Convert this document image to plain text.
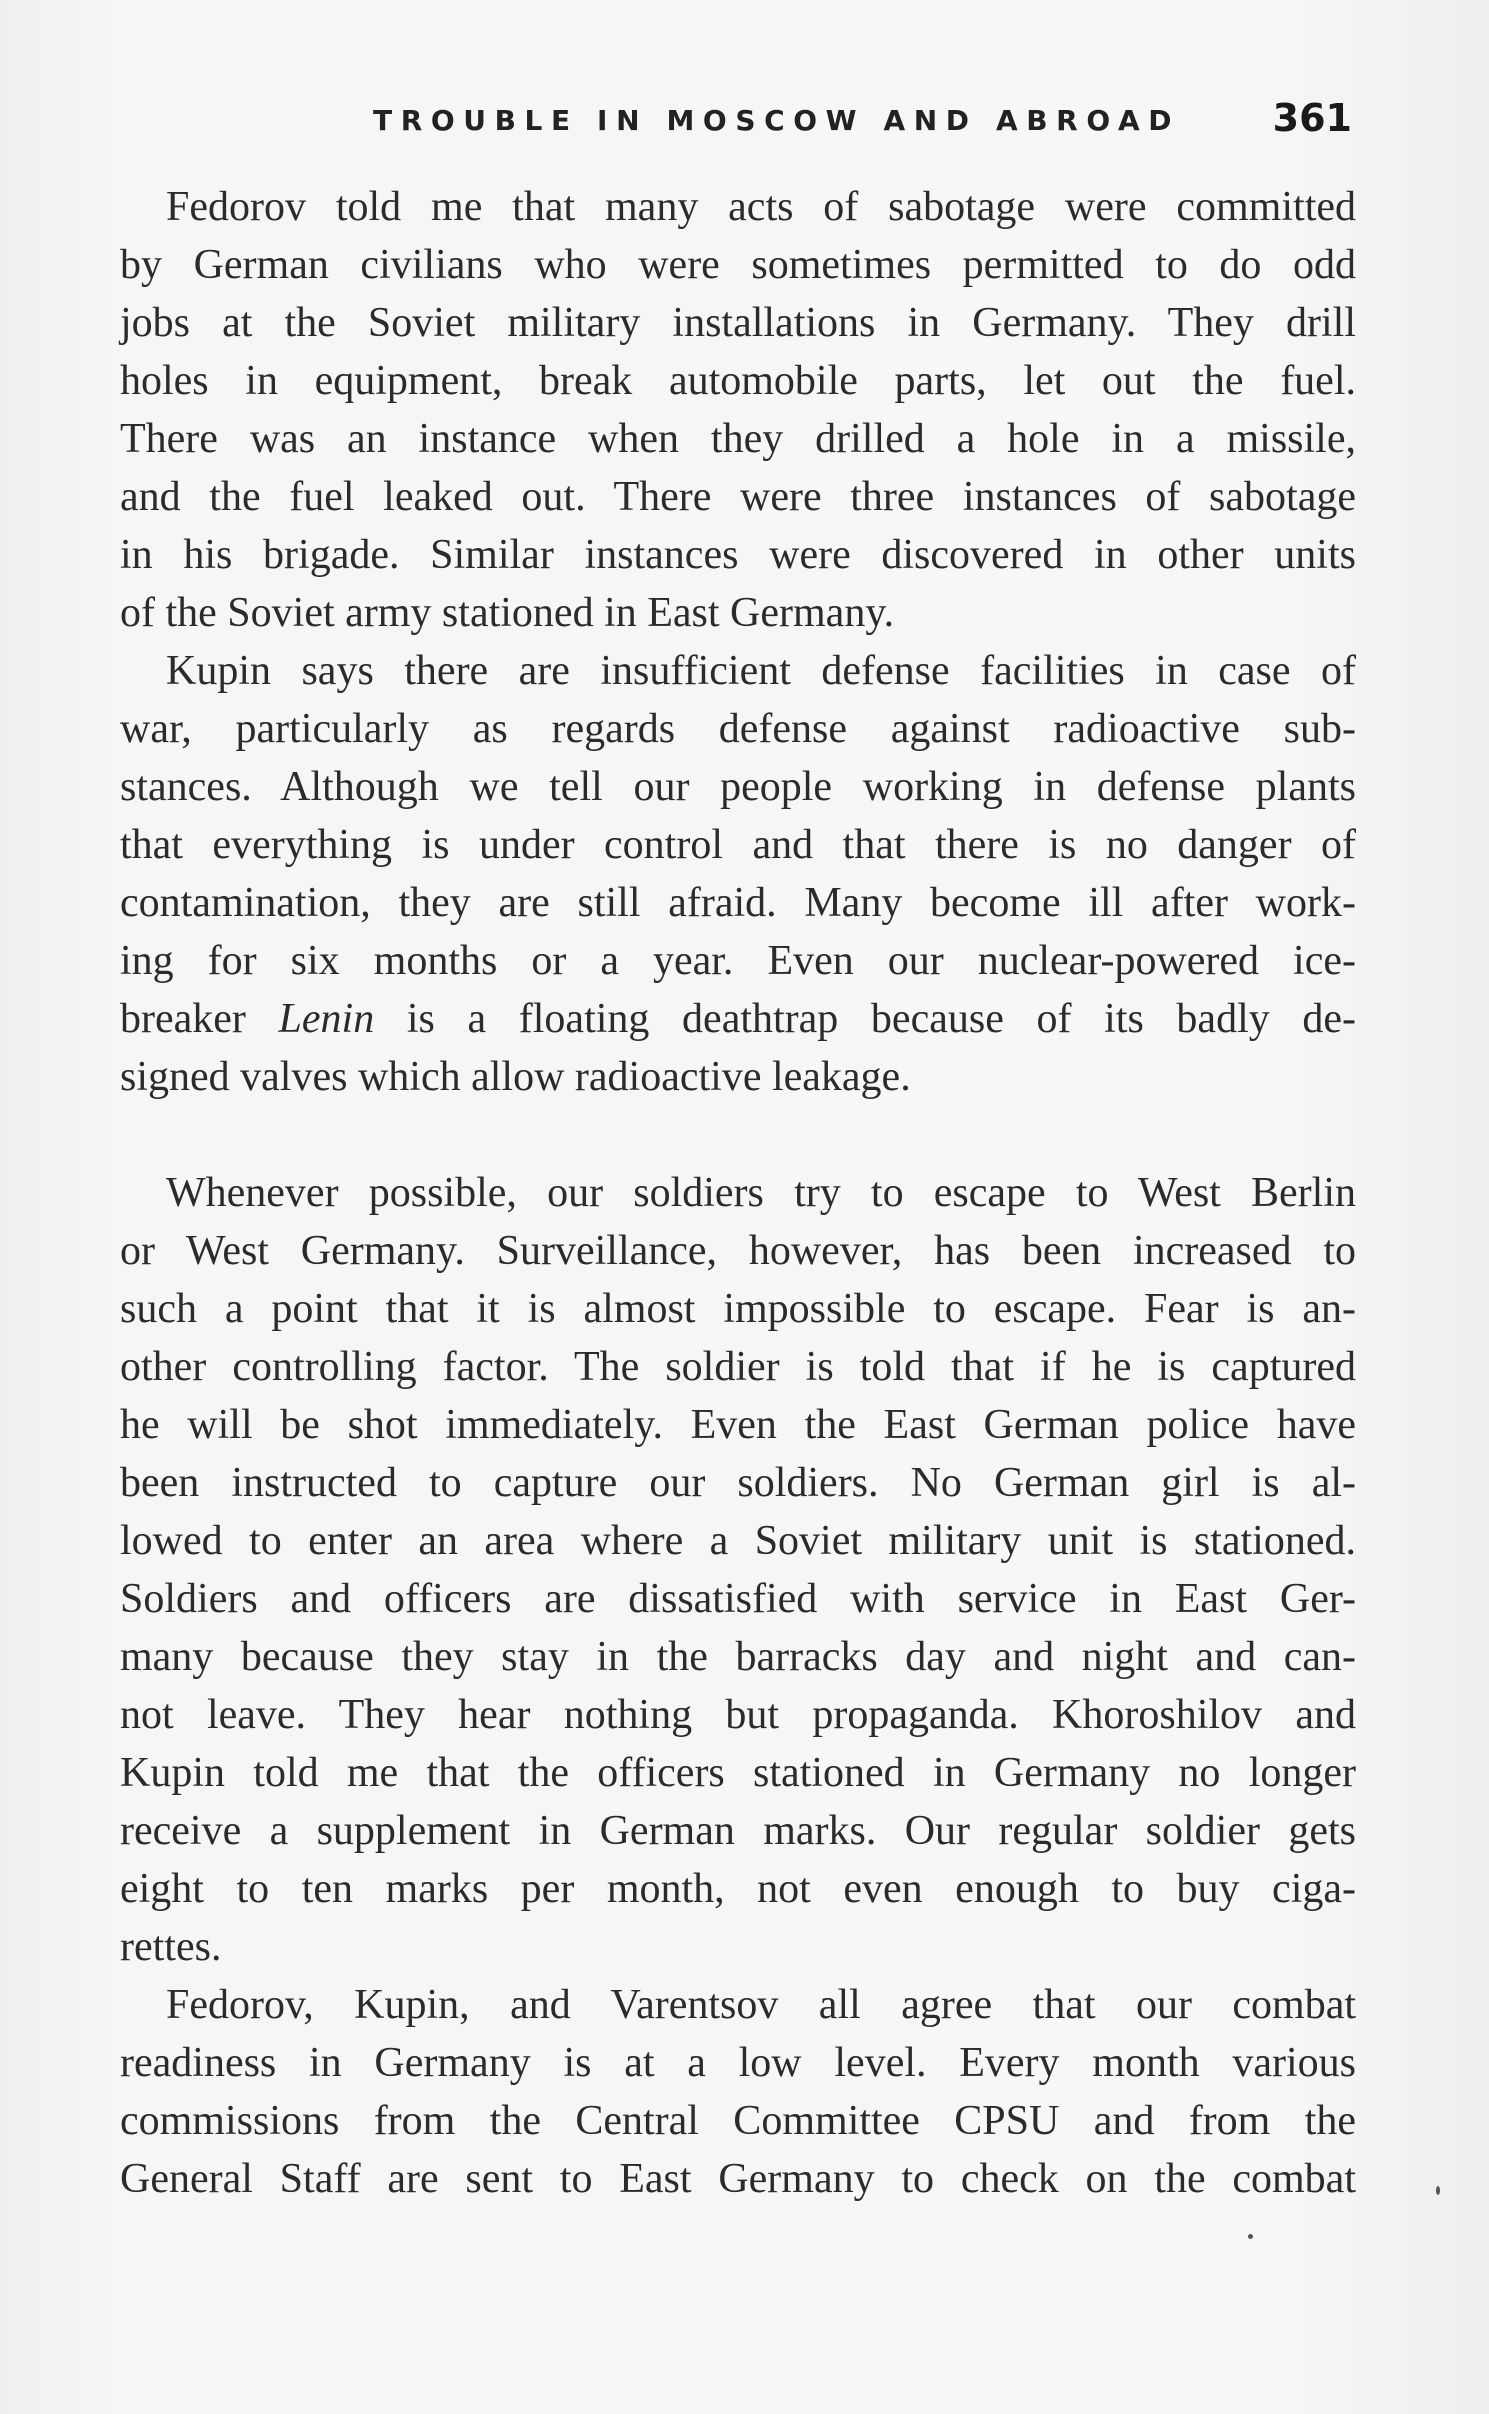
TROUBLE IN MOSCOW AND ABROAD 361
Fedorov told me that many acts of sabotage were committed
by German civilians who were sometimes permitted to do odd
jobs at the Soviet military installations in Germany. They drill
holes in equipment, break automobile parts, let out the fuel.
There was an instance when they drilled a hole in a missile,
and the fuel leaked out. There were three instances of sabotage
in his brigade. Similar instances were discovered in other units
of the Soviet army stationed in East Germany.
Kupin says there are insufficient defense facilities in case of
war, particularly as regards defense against radioactive sub-
stances. Although we tell our people working in defense plants
that everything is under control and that there is no danger of
contamination, they are still afraid. Many become ill after work-
ing for six months or a year. Even our nuclear-powered ice-
breaker Lenin is a floating deathtrap because of its badly de-
signed valves which allow radioactive leakage.
Whenever possible, our soldiers try to escape to West Berlin
or West Germany. Surveillance, however, has been increased to
such a point that it is almost impossible to escape. Fear is an-
other controlling factor. The soldier is told that if he is captured
he will be shot immediately. Even the East German police have
been instructed to capture our soldiers. No German girl is al-
lowed to enter an area where a Soviet military unit is stationed.
Soldiers and officers are dissatisfied with service in East Ger-
many because they stay in the barracks day and night and can-
not leave. They hear nothing but propaganda. Khoroshilov and
Kupin told me that the officers stationed in Germany no longer
receive a supplement in German marks. Our regular soldier gets
eight to ten marks per month, not even enough to buy ciga-
rettes.
Fedorov, Kupin, and Varentsov all agree that our combat
readiness in Germany is at a low level. Every month various
commissions from the Central Committee CPSU and from the
General Staff are sent to East Germany to check on the combat
